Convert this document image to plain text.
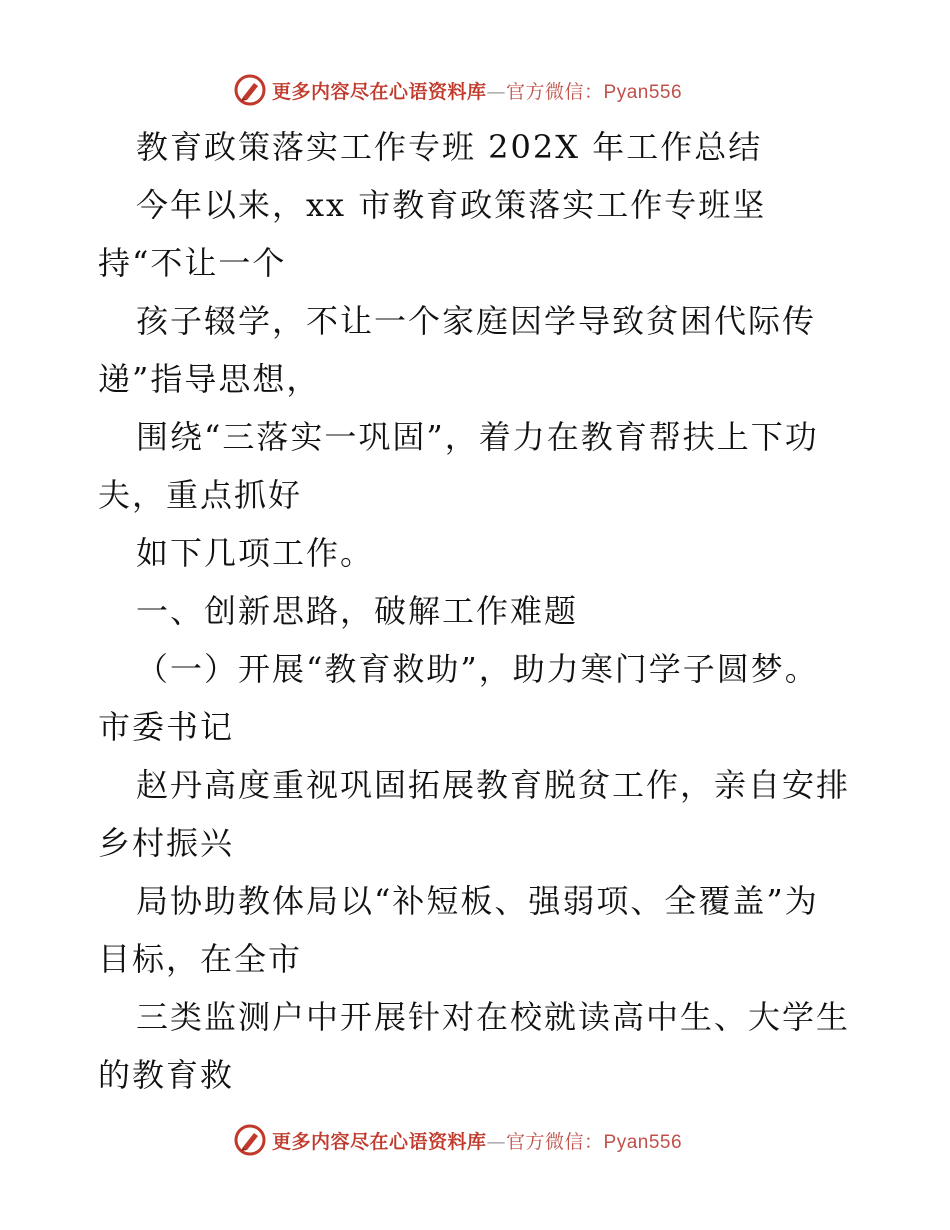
更多内容尽在心语资料库—官方微信：Pyan556
教育政策落实工作专班 202X 年工作总结
今年以来，xx 市教育政策落实工作专班坚
持“不让一个
孩子辍学，不让一个家庭因学导致贫困代际传
递”指导思想，
围绕“三落实一巩固”，着力在教育帮扶上下功
夫，重点抓好
如下几项工作。
一、创新思路，破解工作难题
（一）开展“教育救助”，助力寒门学子圆梦。
市委书记
赵丹高度重视巩固拓展教育脱贫工作，亲自安排
乡村振兴
局协助教体局以“补短板、强弱项、全覆盖”为
目标，在全市
三类监测户中开展针对在校就读高中生、大学生
的教育救
更多内容尽在心语资料库—官方微信：Pyan556
